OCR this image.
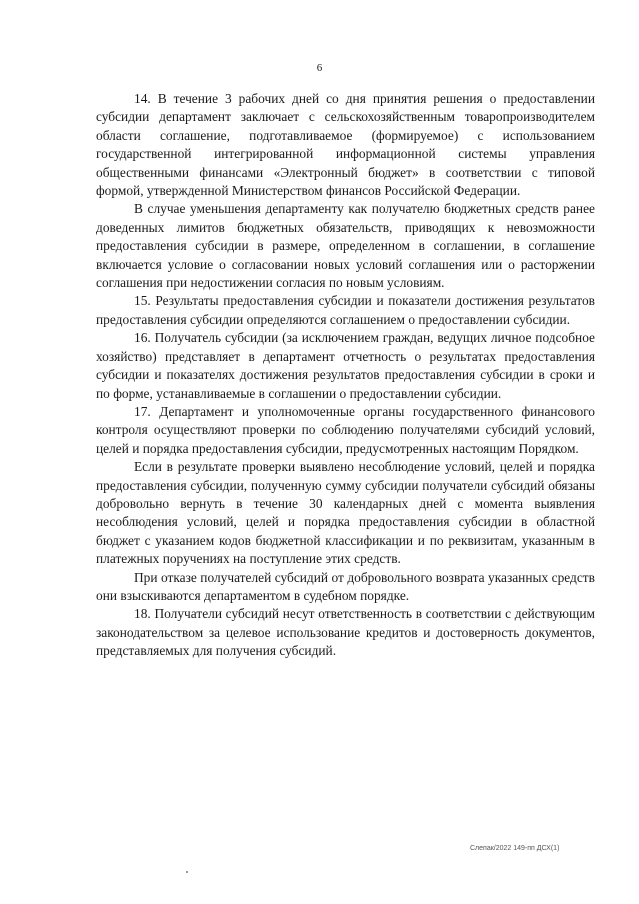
6

14. В течение 3 рабочих дней со дня принятия решения о предоставлении субсидии департамент заключает с сельскохозяйственным товаропроизводителем области соглашение, подготавливаемое (формируемое) с использованием государственной интегрированной информационной системы управления общественными финансами «Электронный бюджет» в соответствии с типовой формой, утвержденной Министерством финансов Российской Федерации.

В случае уменьшения департаменту как получателю бюджетных средств ранее доведенных лимитов бюджетных обязательств, приводящих к невозможности предоставления субсидии в размере, определенном в соглашении, в соглашение включается условие о согласовании новых условий соглашения или о расторжении соглашения при недостижении согласия по новым условиям.

15. Результаты предоставления субсидии и показатели достижения результатов предоставления субсидии определяются соглашением о предоставлении субсидии.

16. Получатель субсидии (за исключением граждан, ведущих личное подсобное хозяйство) представляет в департамент отчетность о результатах предоставления субсидии и показателях достижения результатов предоставления субсидии в сроки и по форме, устанавливаемые в соглашении о предоставлении субсидии.

17. Департамент и уполномоченные органы государственного финансового контроля осуществляют проверки по соблюдению получателями субсидий условий, целей и порядка предоставления субсидии, предусмотренных настоящим Порядком.

Если в результате проверки выявлено несоблюдение условий, целей и порядка предоставления субсидии, полученную сумму субсидии получатели субсидий обязаны добровольно вернуть в течение 30 календарных дней с момента выявления несоблюдения условий, целей и порядка предоставления субсидии в областной бюджет с указанием кодов бюджетной классификации и по реквизитам, указанным в платежных поручениях на поступление этих средств.

При отказе получателей субсидий от добровольного возврата указанных средств они взыскиваются департаментом в судебном порядке.

18. Получатели субсидий несут ответственность в соответствии с действующим законодательством за целевое использование кредитов и достоверность документов, представляемых для получения субсидий.

Слепак/2022 149-пп ДСХ(1)
